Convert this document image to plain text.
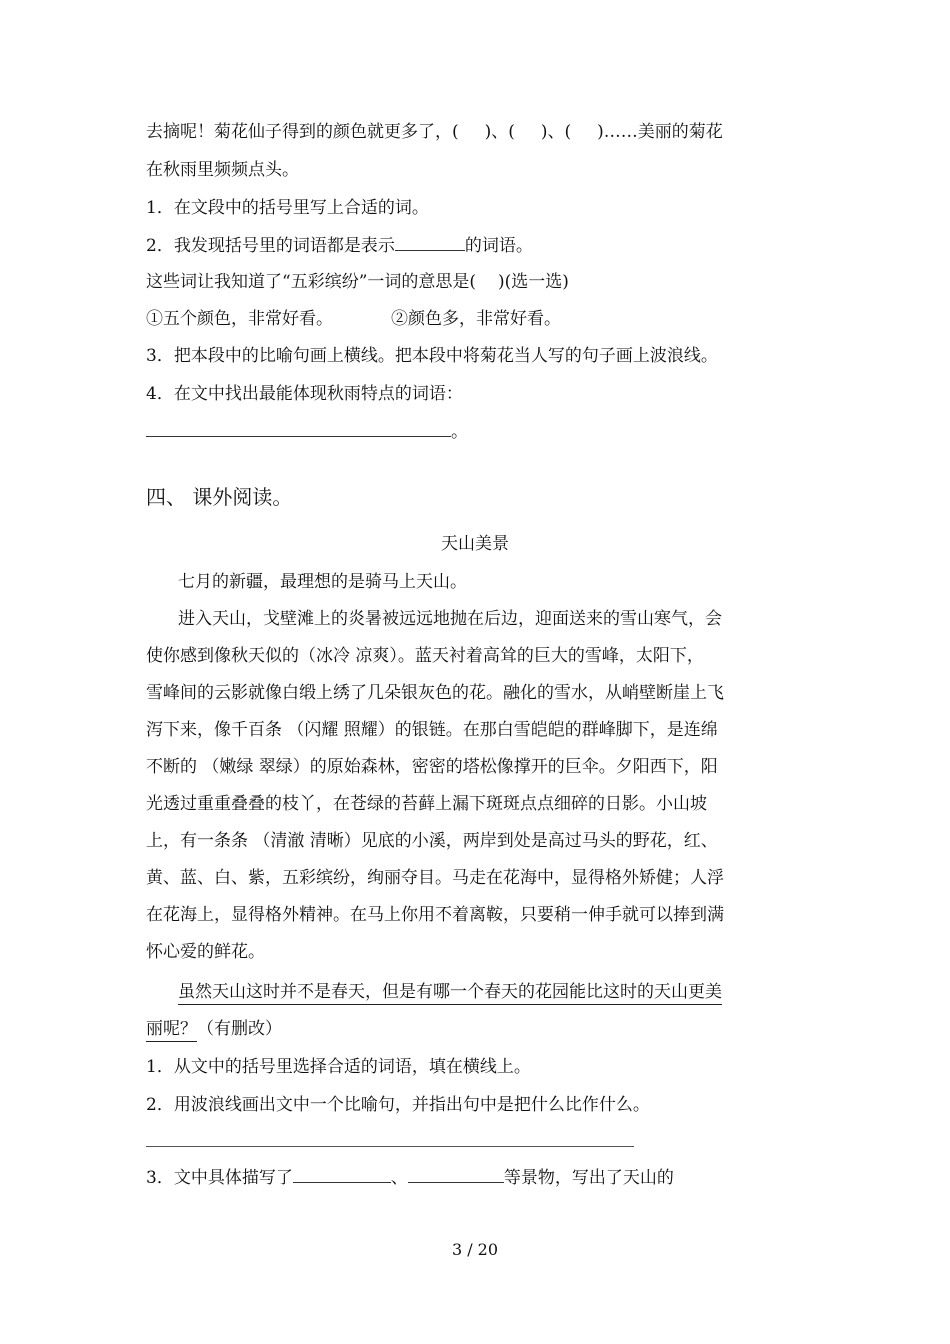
去摘呢！菊花仙子得到的颜色就更多了，( )、( )、( )……美丽的菊花
在秋雨里频频点头。
1．在文段中的括号里写上合适的词。
2．我发现括号里的词语都是表示	的词语。
这些词让我知道了“五彩缤纷”一词的意思是( )(选一选)
①五个颜色，非常好看。	②颜色多，非常好看。
3．把本段中的比喻句画上横线。把本段中将菊花当人写的句子画上波浪线。
4．在文中找出最能体现秋雨特点的词语：
。
四、 课外阅读。
天山美景
七月的新疆，最理想的是骑马上天山。
进入天山，戈壁滩上的炎暑被远远地抛在后边，迎面送来的雪山寒气，会
使你感到像秋天似的（冰冷 凉爽）。蓝天衬着高耸的巨大的雪峰，太阳下，
雪峰间的云影就像白缎上绣了几朵银灰色的花。融化的雪水，从峭壁断崖上飞
泻下来，像千百条 （闪耀 照耀）的银链。在那白雪皑皑的群峰脚下，是连绵
不断的 （嫩绿 翠绿）的原始森林，密密的塔松像撑开的巨伞。夕阳西下，阳
光透过重重叠叠的枝丫，在苍绿的苔藓上漏下斑斑点点细碎的日影。小山坡
上，有一条条 （清澈 清晰）见底的小溪，两岸到处是高过马头的野花，红、
黄、蓝、白、紫，五彩缤纷，绚丽夺目。马走在花海中，显得格外矫健；人浮
在花海上，显得格外精神。在马上你用不着离鞍，只要稍一伸手就可以捧到满
怀心爱的鲜花。
虽然天山这时并不是春天，但是有哪一个春天的花园能比这时的天山更美
丽呢？（有删改）
1．从文中的括号里选择合适的词语，填在横线上。
2．用波浪线画出文中一个比喻句，并指出句中是把什么比作什么。
3．文中具体描写了	、	等景物，写出了天山的
3 / 20
